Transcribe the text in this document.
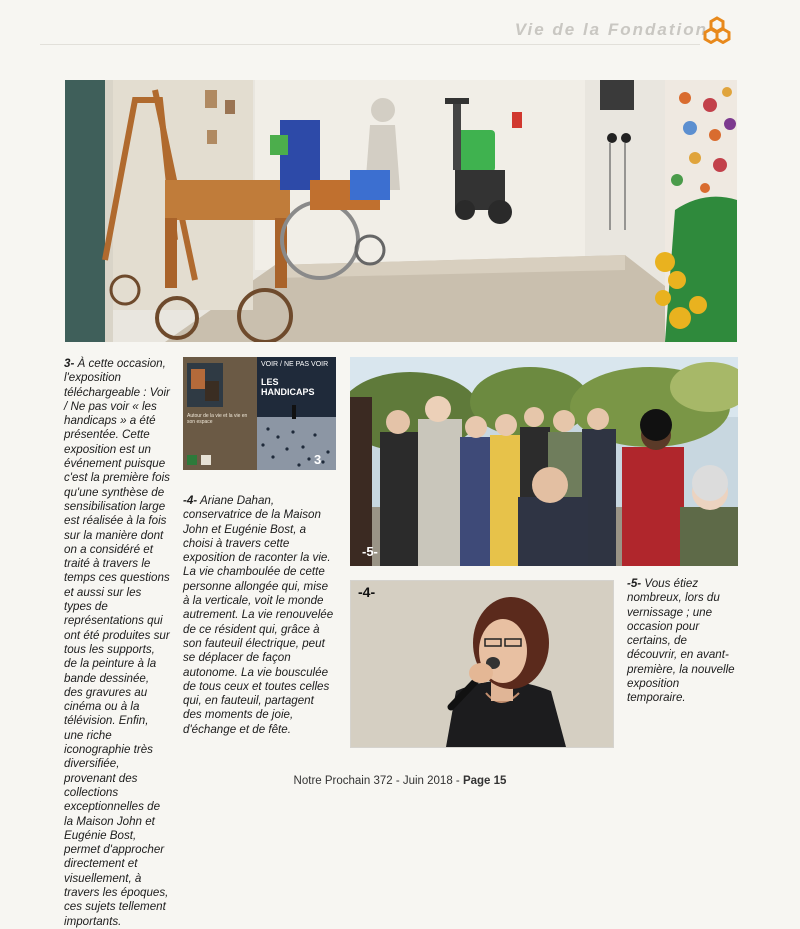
Vie de la Fondation
VOIR / NE PAS VOIR
LES HANDICAPS
Autour de la vie et la vie en son espace
3
-5-
-4-
3- À cette occasion, l'exposition téléchargeable : Voir / Ne pas voir « les handicaps » a été présentée. Cette exposition est un événement puisque c'est la première fois qu'une synthèse de sensibilisation large est réalisée à la fois sur la manière dont on a considéré et traité à travers le temps ces questions et aussi sur les types de représentations qui ont été produites sur tous les supports, de la peinture à la bande dessinée, des gravures au cinéma ou à la télévision. Enfin, une riche iconographie très diversifiée, provenant des collections exceptionnelles de la Maison John et Eugénie Bost, permet d'approcher directement et visuellement, à travers les époques, ces sujets tellement importants.
-4- Ariane Dahan, conservatrice de la Maison John et Eugénie Bost, a choisi à travers cette exposition de raconter la vie. La vie chamboulée de cette personne allongée qui, mise à la verticale, voit le monde autrement. La vie renouvelée de ce résident qui, grâce à son fauteuil électrique, peut se déplacer de façon autonome. La vie bousculée de tous ceux et toutes celles qui, en fauteuil, partagent des moments de joie, d'échange et de fête.
-5- Vous étiez nombreux, lors du vernissage ; une occasion pour certains, de découvrir, en avant-première, la nouvelle exposition temporaire.
Notre Prochain 372 - Juin 2018 - Page 15
